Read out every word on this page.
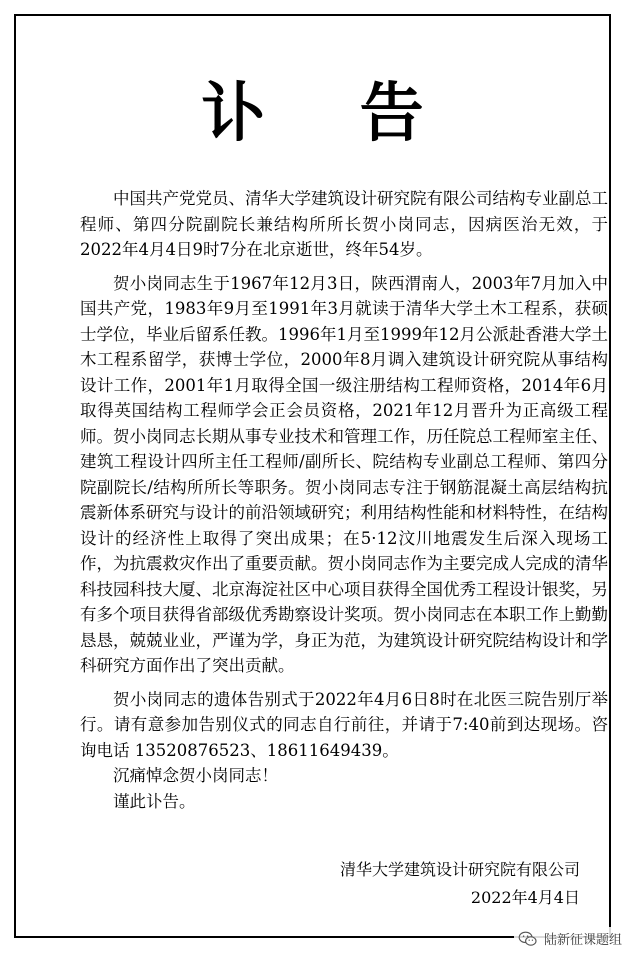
讣 告

中国共产党党员、清华大学建筑设计研究院有限公司结构专业副总工程师、第四分院副院长兼结构所所长贺小岗同志，因病医治无效，于2022年4月4日9时7分在北京逝世，终年54岁。

贺小岗同志生于1967年12月3日，陕西渭南人，2003年7月加入中国共产党，1983年9月至1991年3月就读于清华大学土木工程系，获硕士学位，毕业后留系任教。1996年1月至1999年12月公派赴香港大学土木工程系留学，获博士学位，2000年8月调入建筑设计研究院从事结构设计工作，2001年1月取得全国一级注册结构工程师资格，2014年6月取得英国结构工程师学会正会员资格，2021年12月晋升为正高级工程师。贺小岗同志长期从事专业技术和管理工作，历任院总工程师室主任、建筑工程设计四所主任工程师/副所长、院结构专业副总工程师、第四分院副院长/结构所所长等职务。贺小岗同志专注于钢筋混凝土高层结构抗震新体系研究与设计的前沿领域研究；利用结构性能和材料特性，在结构设计的经济性上取得了突出成果；在5·12汶川地震发生后深入现场工作，为抗震救灾作出了重要贡献。贺小岗同志作为主要完成人完成的清华科技园科技大厦、北京海淀社区中心项目获得全国优秀工程设计银奖，另有多个项目获得省部级优秀勘察设计奖项。贺小岗同志在本职工作上勤勤恳恳，兢兢业业，严谨为学，身正为范，为建筑设计研究院结构设计和学科研究方面作出了突出贡献。

贺小岗同志的遗体告别式于2022年4月6日8时在北医三院告别厅举行。请有意参加告别仪式的同志自行前往，并请于7:40前到达现场。咨询电话 13520876523、18611649439。

沉痛悼念贺小岗同志！

谨此讣告。

清华大学建筑设计研究院有限公司
2022年4月4日
陆新征课题组
